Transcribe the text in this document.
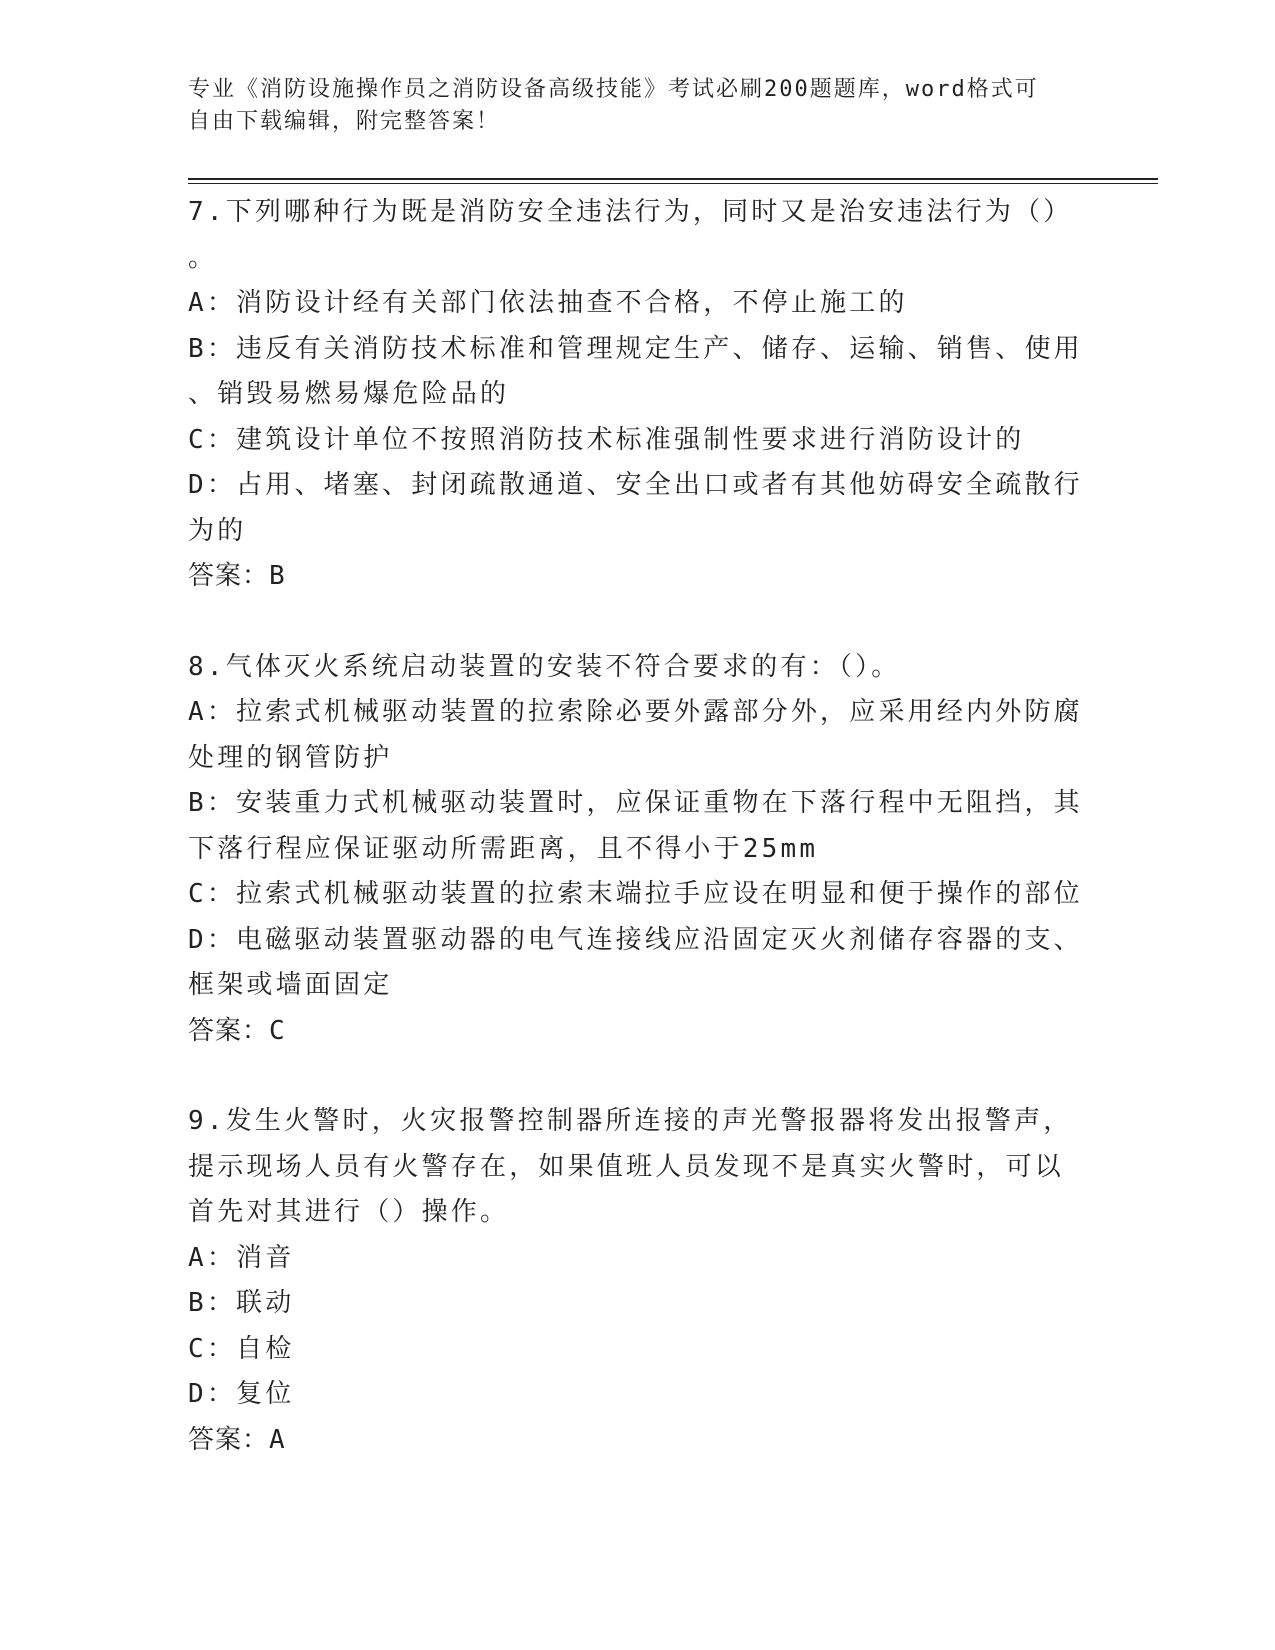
专业《消防设施操作员之消防设备高级技能》考试必刷200题题库，word格式可
自由下载编辑，附完整答案！
7.下列哪种行为既是消防安全违法行为，同时又是治安违法行为（）
。
A：消防设计经有关部门依法抽查不合格，不停止施工的
B：违反有关消防技术标准和管理规定生产、储存、运输、销售、使用
、销毁易燃易爆危险品的
C：建筑设计单位不按照消防技术标准强制性要求进行消防设计的
D：占用、堵塞、封闭疏散通道、安全出口或者有其他妨碍安全疏散行
为的
答案：B
8.气体灭火系统启动装置的安装不符合要求的有：（）。
A：拉索式机械驱动装置的拉索除必要外露部分外，应采用经内外防腐
处理的钢管防护
B：安装重力式机械驱动装置时，应保证重物在下落行程中无阻挡，其
下落行程应保证驱动所需距离，且不得小于25mm
C：拉索式机械驱动装置的拉索末端拉手应设在明显和便于操作的部位
D：电磁驱动装置驱动器的电气连接线应沿固定灭火剂储存容器的支、
框架或墙面固定
答案：C
9.发生火警时，火灾报警控制器所连接的声光警报器将发出报警声，
提示现场人员有火警存在，如果值班人员发现不是真实火警时，可以
首先对其进行（）操作。
A：消音
B：联动
C：自检
D：复位
答案：A
